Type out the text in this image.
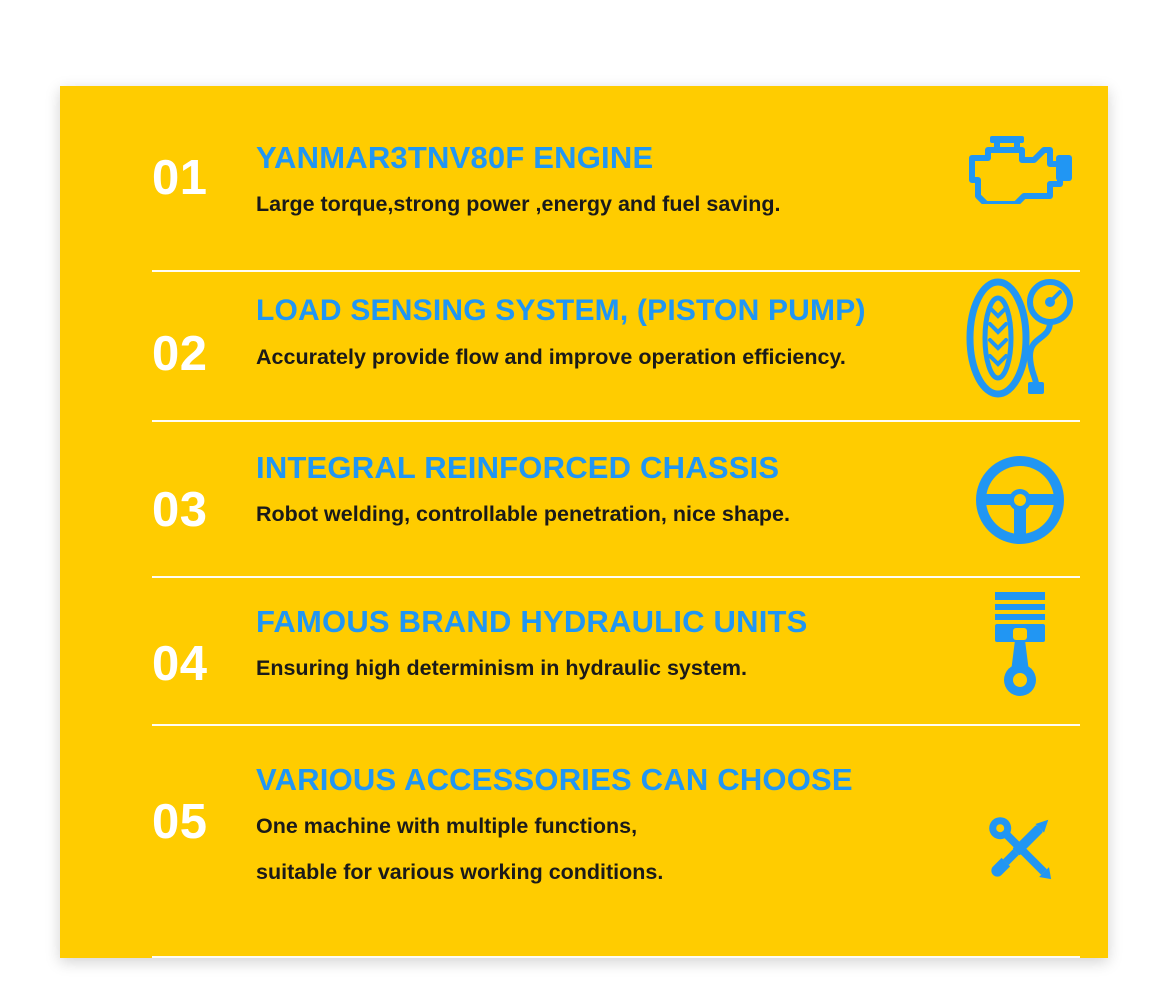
01	YANMAR3TNV80F ENGINE
Large torque,strong power ,energy and fuel saving.
02
LOAD SENSING SYSTEM, (PISTON PUMP)
Accurately provide flow and improve operation efficiency.
03
INTEGRAL REINFORCED CHASSIS
Robot welding, controllable penetration, nice shape.
04
FAMOUS BRAND HYDRAULIC UNITS
Ensuring high determinism in hydraulic system.
05
VARIOUS ACCESSORIES CAN CHOOSE
One machine with multiple functions,
suitable for various working conditions.
